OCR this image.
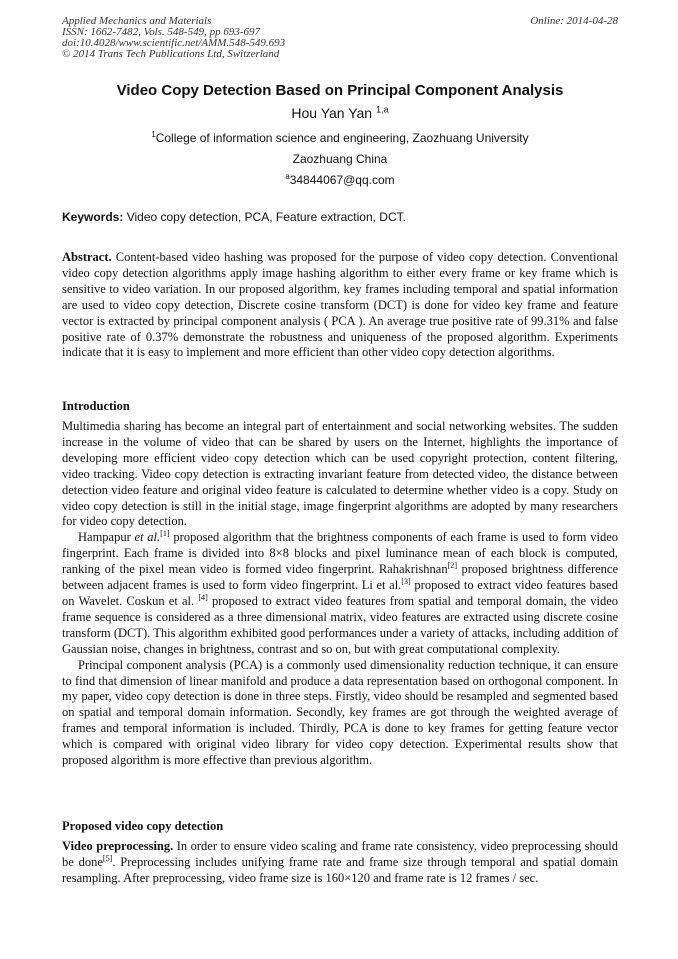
Applied Mechanics and Materials
ISSN: 1662-7482, Vols. 548-549, pp 693-697
doi:10.4028/www.scientific.net/AMM.548-549.693
© 2014 Trans Tech Publications Ltd, Switzerland
Online: 2014-04-28
Video Copy Detection Based on Principal Component Analysis
Hou Yan Yan $^{1,a}$
$^1$College of information science and engineering, Zaozhuang University
Zaozhuang China
$^a$34844067@qq.com
Keywords: Video copy detection, PCA, Feature extraction, DCT.

Abstract. Content-based video hashing was proposed for the purpose of video copy detection. Conventional video copy detection algorithms apply image hashing algorithm to either every frame or key frame which is sensitive to video variation. In our proposed algorithm, key frames including temporal and spatial information are used to video copy detection, Discrete cosine transform (DCT) is done for video key frame and feature vector is extracted by principal component analysis ( PCA ). An average true positive rate of 99.31% and false positive rate of 0.37% demonstrate the robustness and uniqueness of the proposed algorithm. Experiments indicate that it is easy to implement and more efficient than other video copy detection algorithms.

Introduction

Multimedia sharing has become an integral part of entertainment and social networking websites. The sudden increase in the volume of video that can be shared by users on the Internet, highlights the importance of developing more efficient video copy detection which can be used copyright protection, content filtering, video tracking. Video copy detection is extracting invariant feature from detected video, the distance between detection video feature and original video feature is calculated to determine whether video is a copy. Study on video copy detection is still in the initial stage, image fingerprint algorithms are adopted by many researchers for video copy detection.

Hampapur et al.[1] proposed algorithm that the brightness components of each frame is used to form video fingerprint. Each frame is divided into 8×8 blocks and pixel luminance mean of each block is computed, ranking of the pixel mean video is formed video fingerprint. Rahakrishnan[2] proposed brightness difference between adjacent frames is used to form video fingerprint. Li et al.[3] proposed to extract video features based on Wavelet. Coskun et al. [4] proposed to extract video features from spatial and temporal domain, the video frame sequence is considered as a three dimensional matrix, video features are extracted using discrete cosine transform (DCT). This algorithm exhibited good performances under a variety of attacks, including addition of Gaussian noise, changes in brightness, contrast and so on, but with great computational complexity.

Principal component analysis (PCA) is a commonly used dimensionality reduction technique, it can ensure to find that dimension of linear manifold and produce a data representation based on orthogonal component. In my paper, video copy detection is done in three steps. Firstly, video should be resampled and segmented based on spatial and temporal domain information. Secondly, key frames are got through the weighted average of frames and temporal information is included. Thirdly, PCA is done to key frames for getting feature vector which is compared with original video library for video copy detection. Experimental results show that proposed algorithm is more effective than previous algorithm.

Proposed video copy detection

Video preprocessing. In order to ensure video scaling and frame rate consistency, video preprocessing should be done[5]. Preprocessing includes unifying frame rate and frame size through temporal and spatial domain resampling. After preprocessing, video frame size is 160×120 and frame rate is 12 frames / sec.
